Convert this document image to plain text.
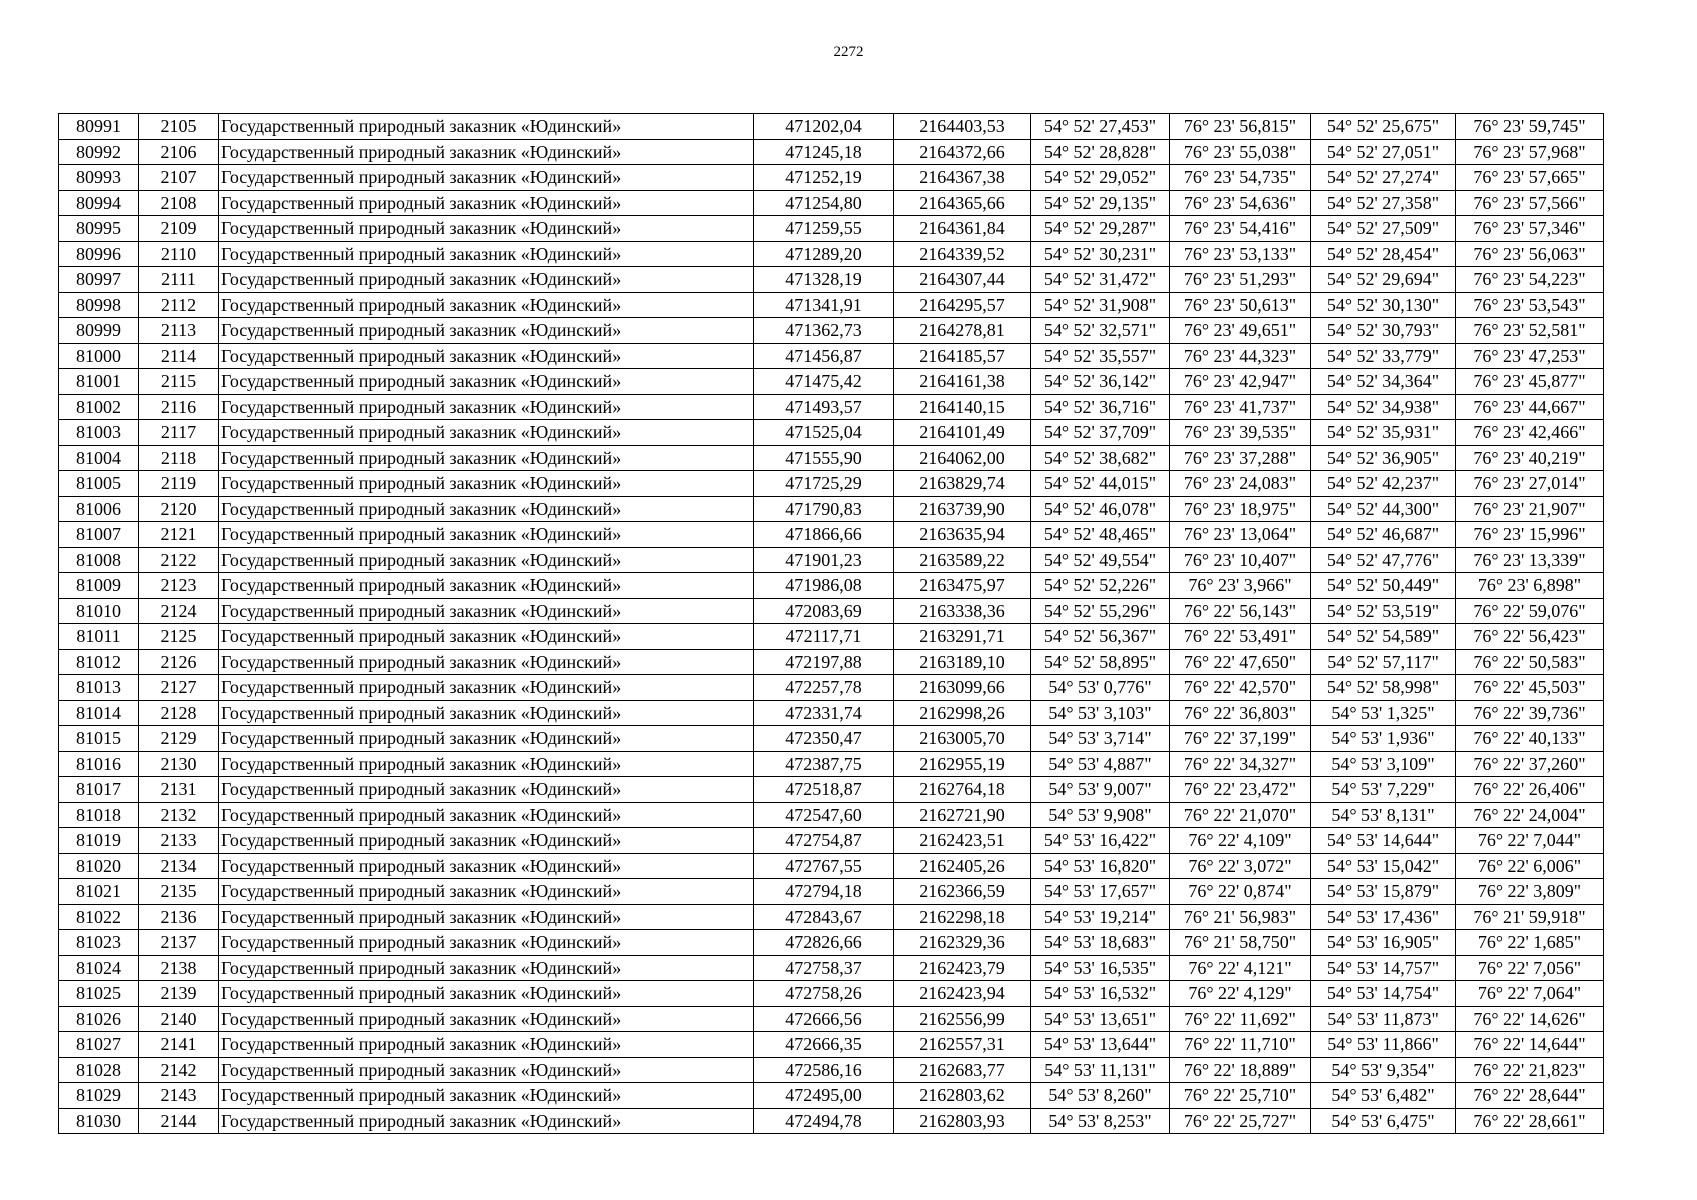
2272
80991	2105	Государственный природный заказник «Юдинский»	471202,04	2164403,53	54° 52' 27,453"	76° 23' 56,815"	54° 52' 25,675"	76° 23' 59,745"
80992	2106	Государственный природный заказник «Юдинский»	471245,18	2164372,66	54° 52' 28,828"	76° 23' 55,038"	54° 52' 27,051"	76° 23' 57,968"
80993	2107	Государственный природный заказник «Юдинский»	471252,19	2164367,38	54° 52' 29,052"	76° 23' 54,735"	54° 52' 27,274"	76° 23' 57,665"
80994	2108	Государственный природный заказник «Юдинский»	471254,80	2164365,66	54° 52' 29,135"	76° 23' 54,636"	54° 52' 27,358"	76° 23' 57,566"
80995	2109	Государственный природный заказник «Юдинский»	471259,55	2164361,84	54° 52' 29,287"	76° 23' 54,416"	54° 52' 27,509"	76° 23' 57,346"
80996	2110	Государственный природный заказник «Юдинский»	471289,20	2164339,52	54° 52' 30,231"	76° 23' 53,133"	54° 52' 28,454"	76° 23' 56,063"
80997	2111	Государственный природный заказник «Юдинский»	471328,19	2164307,44	54° 52' 31,472"	76° 23' 51,293"	54° 52' 29,694"	76° 23' 54,223"
80998	2112	Государственный природный заказник «Юдинский»	471341,91	2164295,57	54° 52' 31,908"	76° 23' 50,613"	54° 52' 30,130"	76° 23' 53,543"
80999	2113	Государственный природный заказник «Юдинский»	471362,73	2164278,81	54° 52' 32,571"	76° 23' 49,651"	54° 52' 30,793"	76° 23' 52,581"
81000	2114	Государственный природный заказник «Юдинский»	471456,87	2164185,57	54° 52' 35,557"	76° 23' 44,323"	54° 52' 33,779"	76° 23' 47,253"
81001	2115	Государственный природный заказник «Юдинский»	471475,42	2164161,38	54° 52' 36,142"	76° 23' 42,947"	54° 52' 34,364"	76° 23' 45,877"
81002	2116	Государственный природный заказник «Юдинский»	471493,57	2164140,15	54° 52' 36,716"	76° 23' 41,737"	54° 52' 34,938"	76° 23' 44,667"
81003	2117	Государственный природный заказник «Юдинский»	471525,04	2164101,49	54° 52' 37,709"	76° 23' 39,535"	54° 52' 35,931"	76° 23' 42,466"
81004	2118	Государственный природный заказник «Юдинский»	471555,90	2164062,00	54° 52' 38,682"	76° 23' 37,288"	54° 52' 36,905"	76° 23' 40,219"
81005	2119	Государственный природный заказник «Юдинский»	471725,29	2163829,74	54° 52' 44,015"	76° 23' 24,083"	54° 52' 42,237"	76° 23' 27,014"
81006	2120	Государственный природный заказник «Юдинский»	471790,83	2163739,90	54° 52' 46,078"	76° 23' 18,975"	54° 52' 44,300"	76° 23' 21,907"
81007	2121	Государственный природный заказник «Юдинский»	471866,66	2163635,94	54° 52' 48,465"	76° 23' 13,064"	54° 52' 46,687"	76° 23' 15,996"
81008	2122	Государственный природный заказник «Юдинский»	471901,23	2163589,22	54° 52' 49,554"	76° 23' 10,407"	54° 52' 47,776"	76° 23' 13,339"
81009	2123	Государственный природный заказник «Юдинский»	471986,08	2163475,97	54° 52' 52,226"	76° 23' 3,966"	54° 52' 50,449"	76° 23' 6,898"
81010	2124	Государственный природный заказник «Юдинский»	472083,69	2163338,36	54° 52' 55,296"	76° 22' 56,143"	54° 52' 53,519"	76° 22' 59,076"
81011	2125	Государственный природный заказник «Юдинский»	472117,71	2163291,71	54° 52' 56,367"	76° 22' 53,491"	54° 52' 54,589"	76° 22' 56,423"
81012	2126	Государственный природный заказник «Юдинский»	472197,88	2163189,10	54° 52' 58,895"	76° 22' 47,650"	54° 52' 57,117"	76° 22' 50,583"
81013	2127	Государственный природный заказник «Юдинский»	472257,78	2163099,66	54° 53' 0,776"	76° 22' 42,570"	54° 52' 58,998"	76° 22' 45,503"
81014	2128	Государственный природный заказник «Юдинский»	472331,74	2162998,26	54° 53' 3,103"	76° 22' 36,803"	54° 53' 1,325"	76° 22' 39,736"
81015	2129	Государственный природный заказник «Юдинский»	472350,47	2163005,70	54° 53' 3,714"	76° 22' 37,199"	54° 53' 1,936"	76° 22' 40,133"
81016	2130	Государственный природный заказник «Юдинский»	472387,75	2162955,19	54° 53' 4,887"	76° 22' 34,327"	54° 53' 3,109"	76° 22' 37,260"
81017	2131	Государственный природный заказник «Юдинский»	472518,87	2162764,18	54° 53' 9,007"	76° 22' 23,472"	54° 53' 7,229"	76° 22' 26,406"
81018	2132	Государственный природный заказник «Юдинский»	472547,60	2162721,90	54° 53' 9,908"	76° 22' 21,070"	54° 53' 8,131"	76° 22' 24,004"
81019	2133	Государственный природный заказник «Юдинский»	472754,87	2162423,51	54° 53' 16,422"	76° 22' 4,109"	54° 53' 14,644"	76° 22' 7,044"
81020	2134	Государственный природный заказник «Юдинский»	472767,55	2162405,26	54° 53' 16,820"	76° 22' 3,072"	54° 53' 15,042"	76° 22' 6,006"
81021	2135	Государственный природный заказник «Юдинский»	472794,18	2162366,59	54° 53' 17,657"	76° 22' 0,874"	54° 53' 15,879"	76° 22' 3,809"
81022	2136	Государственный природный заказник «Юдинский»	472843,67	2162298,18	54° 53' 19,214"	76° 21' 56,983"	54° 53' 17,436"	76° 21' 59,918"
81023	2137	Государственный природный заказник «Юдинский»	472826,66	2162329,36	54° 53' 18,683"	76° 21' 58,750"	54° 53' 16,905"	76° 22' 1,685"
81024	2138	Государственный природный заказник «Юдинский»	472758,37	2162423,79	54° 53' 16,535"	76° 22' 4,121"	54° 53' 14,757"	76° 22' 7,056"
81025	2139	Государственный природный заказник «Юдинский»	472758,26	2162423,94	54° 53' 16,532"	76° 22' 4,129"	54° 53' 14,754"	76° 22' 7,064"
81026	2140	Государственный природный заказник «Юдинский»	472666,56	2162556,99	54° 53' 13,651"	76° 22' 11,692"	54° 53' 11,873"	76° 22' 14,626"
81027	2141	Государственный природный заказник «Юдинский»	472666,35	2162557,31	54° 53' 13,644"	76° 22' 11,710"	54° 53' 11,866"	76° 22' 14,644"
81028	2142	Государственный природный заказник «Юдинский»	472586,16	2162683,77	54° 53' 11,131"	76° 22' 18,889"	54° 53' 9,354"	76° 22' 21,823"
81029	2143	Государственный природный заказник «Юдинский»	472495,00	2162803,62	54° 53' 8,260"	76° 22' 25,710"	54° 53' 6,482"	76° 22' 28,644"
81030	2144	Государственный природный заказник «Юдинский»	472494,78	2162803,93	54° 53' 8,253"	76° 22' 25,727"	54° 53' 6,475"	76° 22' 28,661"
